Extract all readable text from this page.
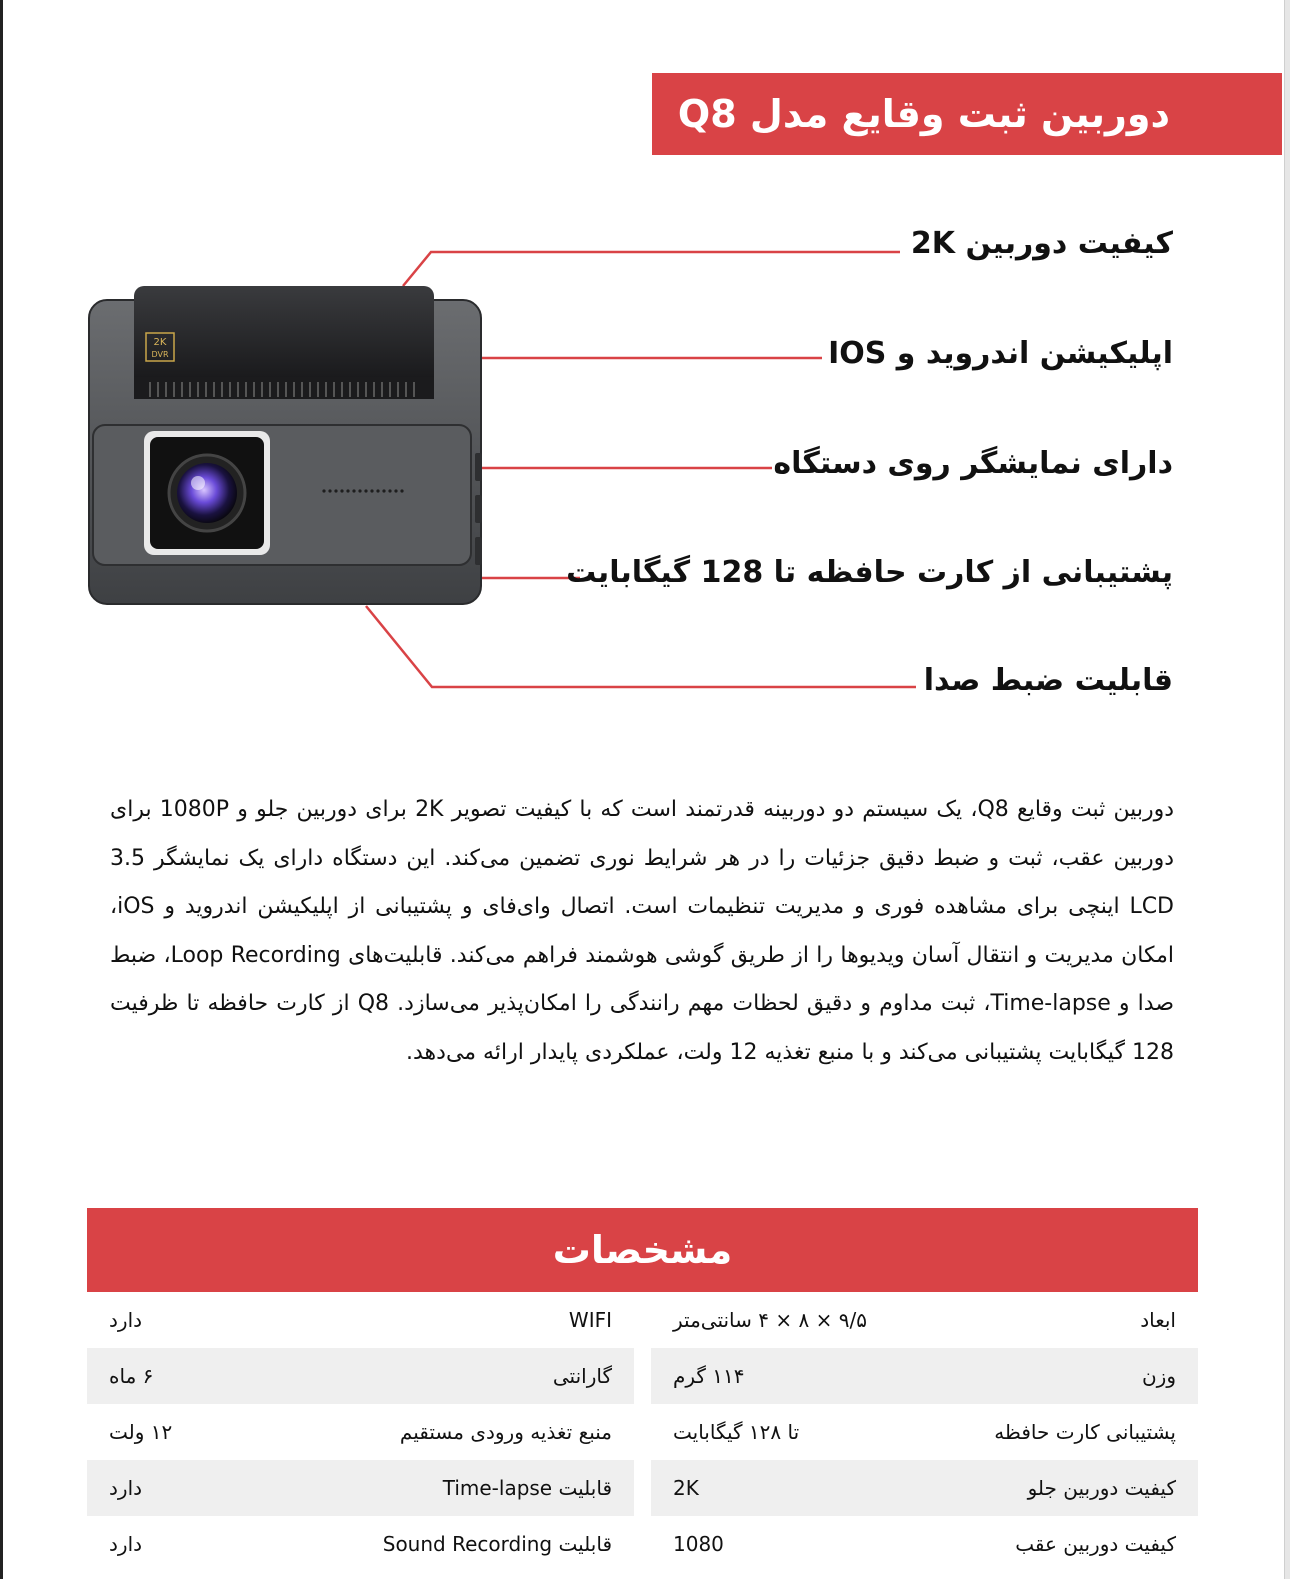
دوربین ثبت وقایع مدل Q8
2K
DVR
کیفیت دوربین 2K
اپلیکیشن اندروید و IOS
دارای نمایشگر روی دستگاه
پشتیبانی از کارت حافظه تا 128 گیگابایت
قابلیت ضبط صدا

دوربین ثبت وقایع Q8، یک سیستم دو دوربینه قدرتمند است که با کیفیت تصویر 2K برای دوربین جلو و 1080P برای دوربین عقب، ثبت و ضبط دقیق جزئیات را در هر شرایط نوری تضمین می‌کند. این دستگاه دارای یک نمایشگر 3.5 LCD اینچی برای مشاهده فوری و مدیریت تنظیمات است. اتصال وای‌فای و پشتیبانی از اپلیکیشن اندروید و iOS، امکان مدیریت و انتقال آسان ویدیوها را از طریق گوشی هوشمند فراهم می‌کند. قابلیت‌های Loop Recording، ضبط صدا و Time-lapse، ثبت مداوم و دقیق لحظات مهم رانندگی را امکان‌پذیر می‌سازد. Q8 از کارت حافظه تا ظرفیت 128 گیگابایت پشتیبانی می‌کند و با منبع تغذیه 12 ولت، عملکردی پایدار ارائه می‌دهد.

مشخصات
دارد	WIFI	۹/۵ × ۸ × ۴ سانتی‌متر	ابعاد
۶ ماه	گارانتی	۱۱۴ گرم	وزن
۱۲ ولت	منبع تغذیه ورودی مستقیم	تا ۱۲۸ گیگابایت	پشتیبانی کارت حافظه
دارد	قابلیت Time-lapse	2K	کیفیت دوربین جلو
دارد	قابلیت Sound Recording	1080	کیفیت دوربین عقب
